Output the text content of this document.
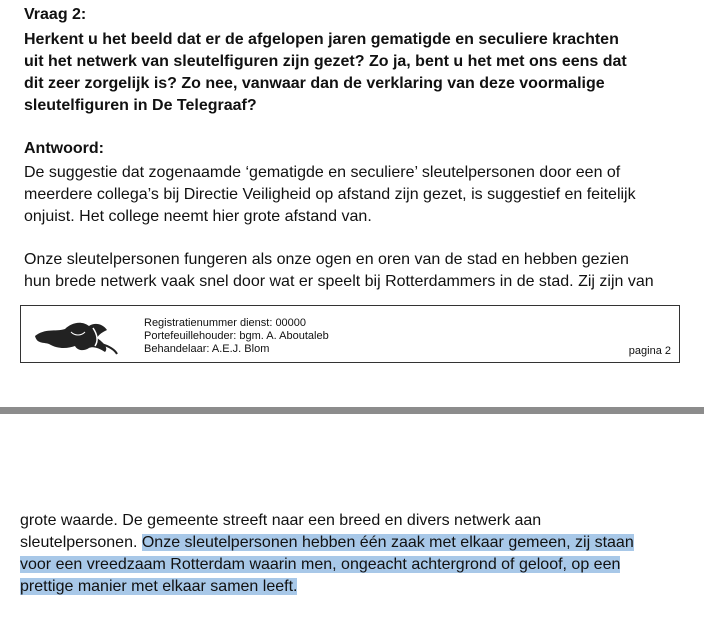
Vraag 2:
Herkent u het beeld dat er de afgelopen jaren gematigde en seculiere krachten
uit het netwerk van sleutelfiguren zijn gezet? Zo ja, bent u het met ons eens dat
dit zeer zorgelijk is? Zo nee, vanwaar dan de verklaring van deze voormalige
sleutelfiguren in De Telegraaf?
Antwoord:
De suggestie dat zogenaamde ‘gematigde en seculiere’ sleutelpersonen door een of
meerdere collega’s bij Directie Veiligheid op afstand zijn gezet, is suggestief en feitelijk
onjuist. Het college neemt hier grote afstand van.
Onze sleutelpersonen fungeren als onze ogen en oren van de stad en hebben gezien
hun brede netwerk vaak snel door wat er speelt bij Rotterdammers in de stad. Zij zijn van
Registratienummer dienst: 00000
Portefeuillehouder: bgm. A. Aboutaleb
Behandelaar: A.E.J. Blom	pagina 2
grote waarde. De gemeente streeft naar een breed en divers netwerk aan
sleutelpersonen. Onze sleutelpersonen hebben één zaak met elkaar gemeen, zij staan
voor een vreedzaam Rotterdam waarin men, ongeacht achtergrond of geloof, op een
prettige manier met elkaar samen leeft.
